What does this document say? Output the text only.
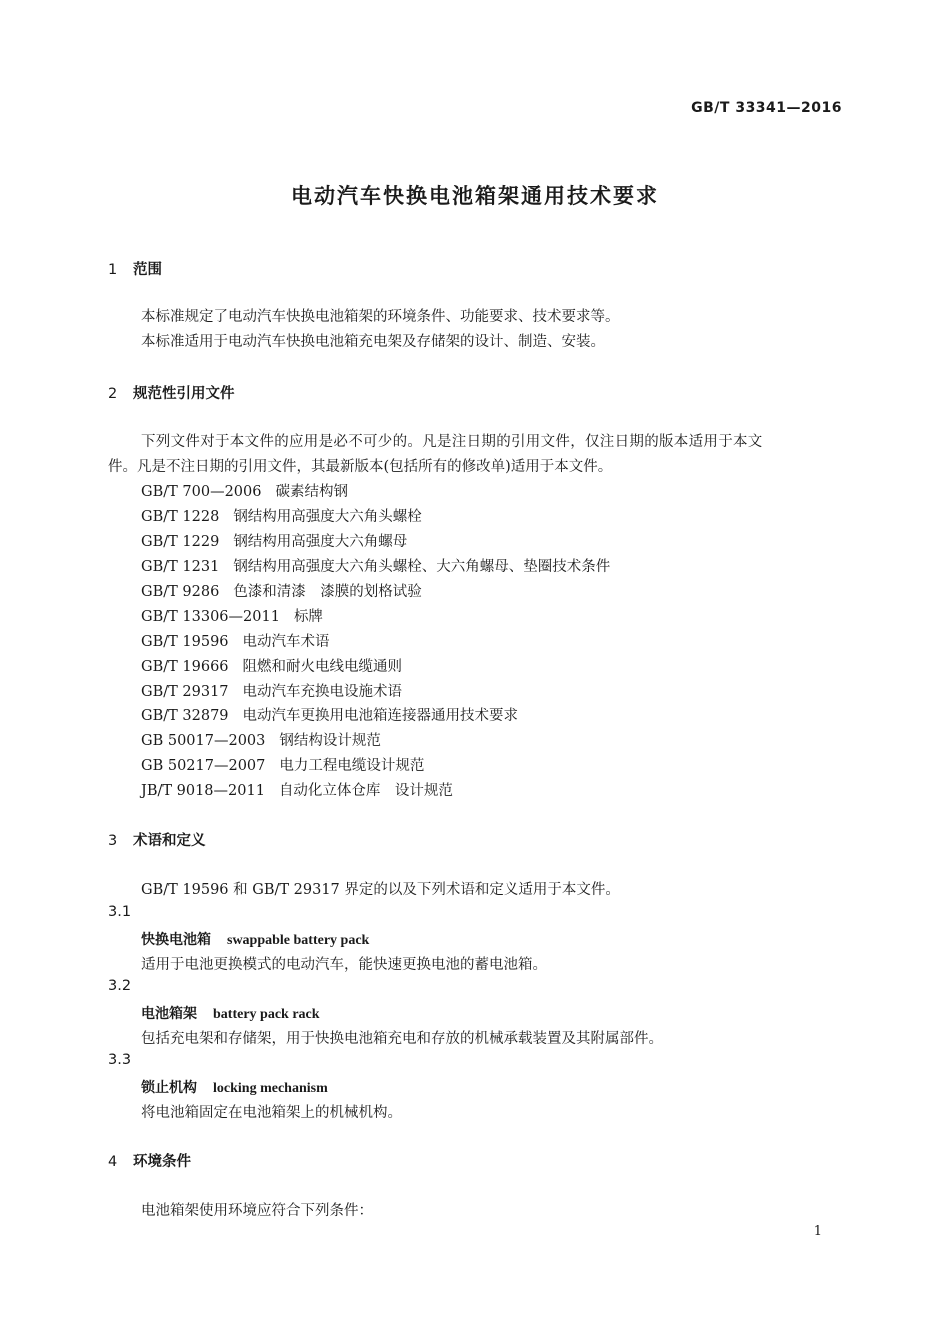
GB/T 33341—2016
电动汽车快换电池箱架通用技术要求
1 范围
本标准规定了电动汽车快换电池箱架的环境条件、功能要求、技术要求等。
本标准适用于电动汽车快换电池箱充电架及存储架的设计、制造、安装。
2 规范性引用文件
下列文件对于本文件的应用是必不可少的。凡是注日期的引用文件，仅注日期的版本适用于本文
件。凡是不注日期的引用文件，其最新版本(包括所有的修改单)适用于本文件。
GB/T 700—2006 碳素结构钢
GB/T 1228 钢结构用高强度大六角头螺栓
GB/T 1229 钢结构用高强度大六角螺母
GB/T 1231 钢结构用高强度大六角头螺栓、大六角螺母、垫圈技术条件
GB/T 9286 色漆和清漆　漆膜的划格试验
GB/T 13306—2011 标牌
GB/T 19596 电动汽车术语
GB/T 19666 阻燃和耐火电线电缆通则
GB/T 29317 电动汽车充换电设施术语
GB/T 32879 电动汽车更换用电池箱连接器通用技术要求
GB 50017—2003 钢结构设计规范
GB 50217—2007 电力工程电缆设计规范
JB/T 9018—2011 自动化立体仓库　设计规范
3 术语和定义
GB/T 19596 和 GB/T 29317 界定的以及下列术语和定义适用于本文件。
3.1
快换电池箱 swappable battery pack
适用于电池更换模式的电动汽车，能快速更换电池的蓄电池箱。
3.2
电池箱架 battery pack rack
包括充电架和存储架，用于快换电池箱充电和存放的机械承载装置及其附属部件。
3.3
锁止机构 locking mechanism
将电池箱固定在电池箱架上的机械机构。
4 环境条件
电池箱架使用环境应符合下列条件：
1
